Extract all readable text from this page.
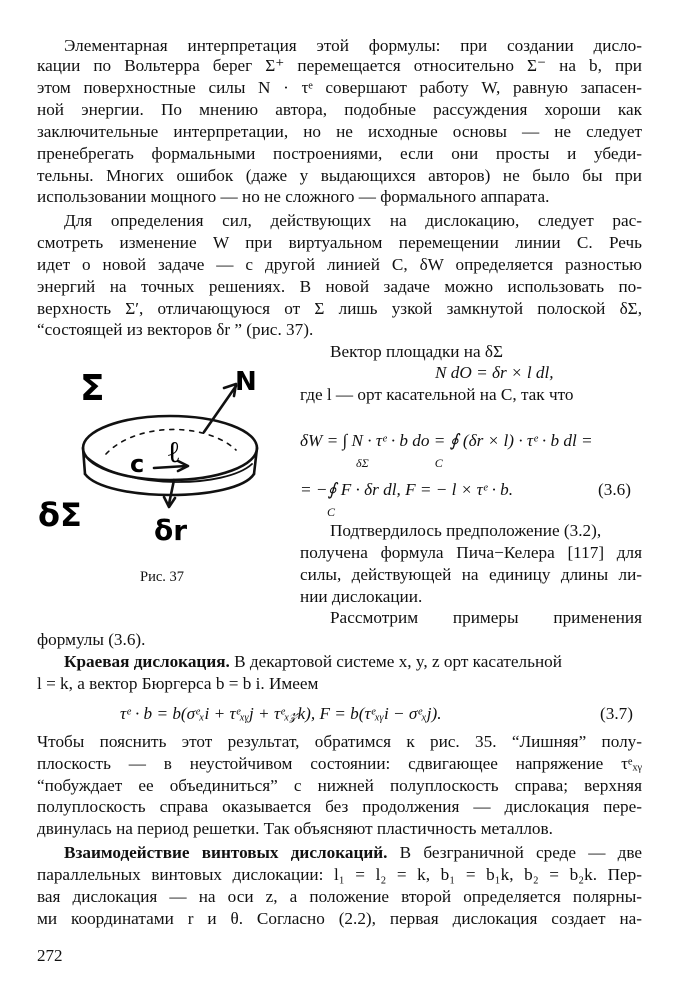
Элементарная интерпретация этой формулы: при создании дисло-
кации по Вольтерра берег Σ⁺ перемещается относительно Σ⁻ на b, при
этом поверхностные силы N · τᵉ совершают работу W, равную запасен-
ной энергии. По мнению автора, подобные рассуждения хороши как
заключительные интерпретации, но не исходные основы — не следует
пренебрегать формальными построениями, если они просты и убеди-
тельны. Многих ошибок (даже у выдающихся авторов) не было бы при
использовании мощного — но не сложного — формального аппарата.
Для определения сил, действующих на дислокацию, следует рас-
смотреть изменение W при виртуальном перемещении линии C. Речь
идет о новой задаче — с другой линией C, δW определяется разностью
энергий на точных решениях. В новой задаче можно использовать по-
верхность Σ′, отличающуюся от Σ лишь узкой замкнутой полоской δΣ,
“состоящей из векторов δr ” (рис. 37).
Вектор площадки на δΣ
N dO = δr × l dl,
где l — орт касательной на C, так что
δW = ∫ N · τᵉ · b do = ∮ (δr × l) · τᵉ · b dl =
δΣ                      C
= −∮ F · δr dl, F = − l × τᵉ · b.
C
(3.6)
Подтвердилось предположение (3.2),
получена формула Пича−Келера [117] для
силы, действующей на единицу длины ли-
нии дислокации.
Рассмотрим примеры применения
Σ	N
c ℓ
δΣ	δr
Рис. 37
формулы (3.6).
Краевая дислокация. В декартовой системе x, y, z орт касательной
l = k, а вектор Бюргерса b = b i. Имеем
τᵉ · b = b(σᵉₓi + τᵉₓᵧj + τᵉₓ𝓏k), F = b(τᵉₓᵧi − σᵉₓj).	(3.7)
Чтобы пояснить этот результат, обратимся к рис. 35. “Лишняя” полу-
плоскость — в неустойчивом состоянии: сдвигающее напряжение τᵉₓᵧ
“побуждает ее объединиться” с нижней полуплоскость справа; верхняя
полуплоскость справа оказывается без продолжения — дислокация пере-
двинулась на период решетки. Так объясняют пластичность металлов.
Взаимодействие винтовых дислокаций. В безграничной среде — две
параллельных винтовых дислокации: l₁ = l₂ = k, b₁ = b₁k, b₂ = b₂k. Пер-
вая дислокация — на оси z, а положение второй определяется полярны-
ми координатами r и θ. Согласно (2.2), первая дислокация создает на-
272
